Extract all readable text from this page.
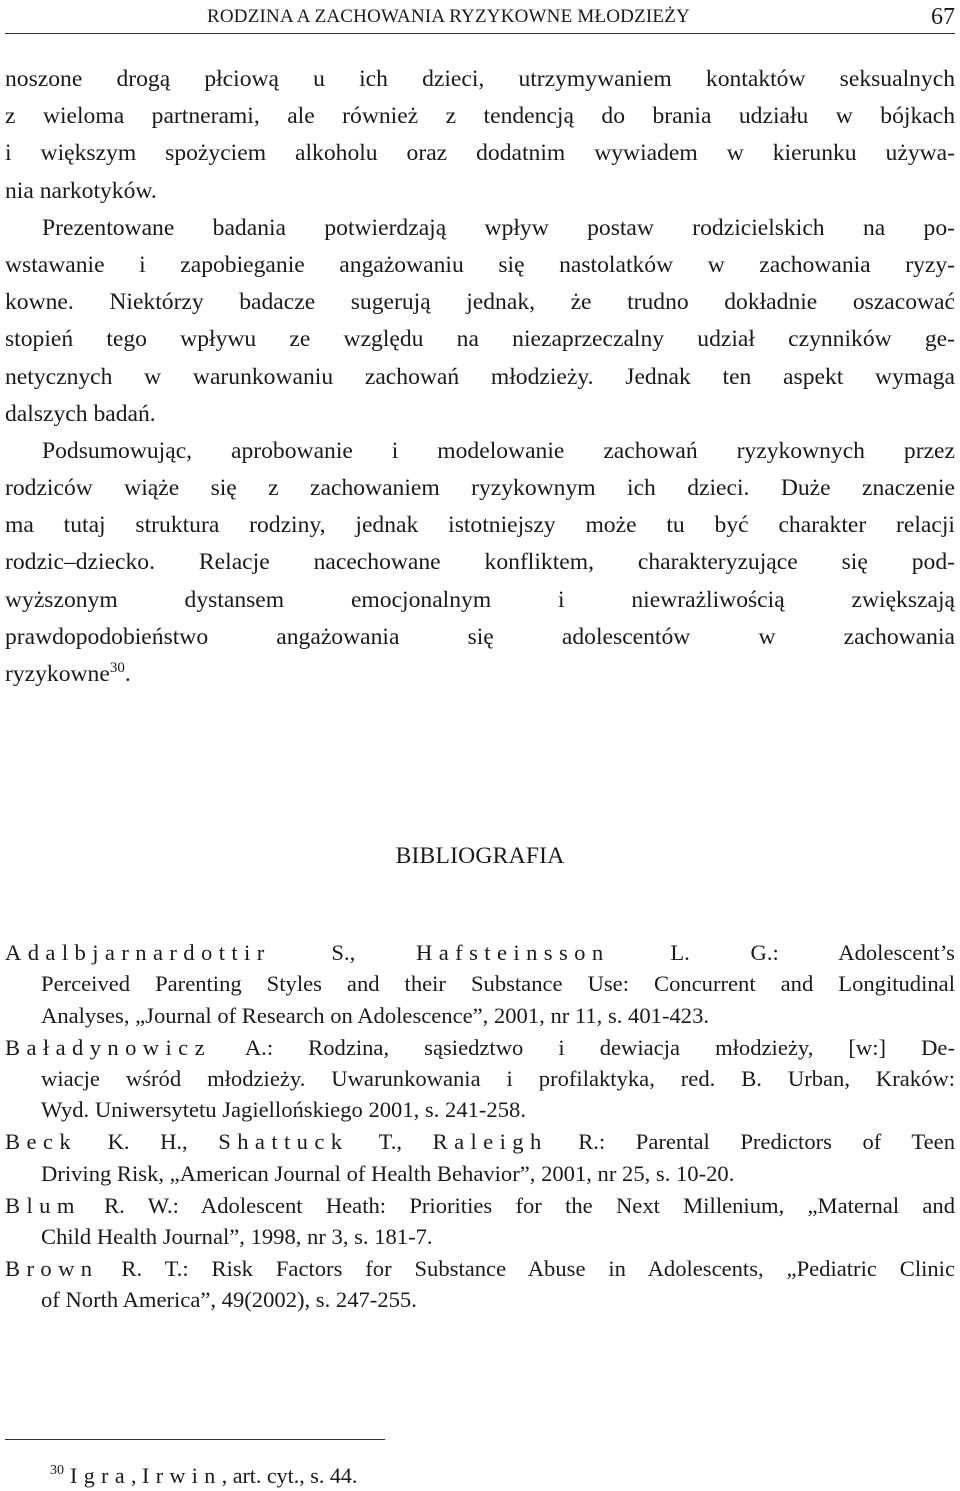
RODZINA A ZACHOWANIA RYZYKOWNE MŁODZIEŻY	67
noszone drogą płciową u ich dzieci, utrzymywaniem kontaktów seksualnych
z wieloma partnerami, ale również z tendencją do brania udziału w bójkach
i większym spożyciem alkoholu oraz dodatnim wywiadem w kierunku używa-
nia narkotyków.
Prezentowane badania potwierdzają wpływ postaw rodzicielskich na po-
wstawanie i zapobieganie angażowaniu się nastolatków w zachowania ryzy-
kowne. Niektórzy badacze sugerują jednak, że trudno dokładnie oszacować
stopień tego wpływu ze względu na niezaprzeczalny udział czynników ge-
netycznych w warunkowaniu zachowań młodzieży. Jednak ten aspekt wymaga
dalszych badań.
Podsumowując, aprobowanie i modelowanie zachowań ryzykownych przez
rodziców wiąże się z zachowaniem ryzykownym ich dzieci. Duże znaczenie
ma tutaj struktura rodziny, jednak istotniejszy może tu być charakter relacji
rodzic–dziecko. Relacje nacechowane konfliktem, charakteryzujące się pod-
wyższonym dystansem emocjonalnym i niewrażliwością zwiększają
prawdopodobieństwo angażowania się adolescentów w zachowania
ryzykowne$^{30}$.
BIBLIOGRAFIA
Adalbjarnardottir S., Hafsteinsson L. G.: Adolescent’s
Perceived Parenting Styles and their Substance Use: Concurrent and Longitudinal
Analyses, „Journal of Research on Adolescence”, 2001, nr 11, s. 401-423.
Baładynowicz A.: Rodzina, sąsiedztwo i dewiacja młodzieży, [w:] De-
wiacje wśród młodzieży. Uwarunkowania i profilaktyka, red. B. Urban, Kraków:
Wyd. Uniwersytetu Jagiellońskiego 2001, s. 241-258.
Beck K. H., Shattuck T., Raleigh R.: Parental Predictors of Teen
Driving Risk, „American Journal of Health Behavior”, 2001, nr 25, s. 10-20.
Blum R. W.: Adolescent Heath: Priorities for the Next Millenium, „Maternal and
Child Health Journal”, 1998, nr 3, s. 181-7.
Brown R. T.: Risk Factors for Substance Abuse in Adolescents, „Pediatric Clinic
of North America”, 49(2002), s. 247-255.
$^{30}$ Igra, Irwin, art. cyt., s. 44.
